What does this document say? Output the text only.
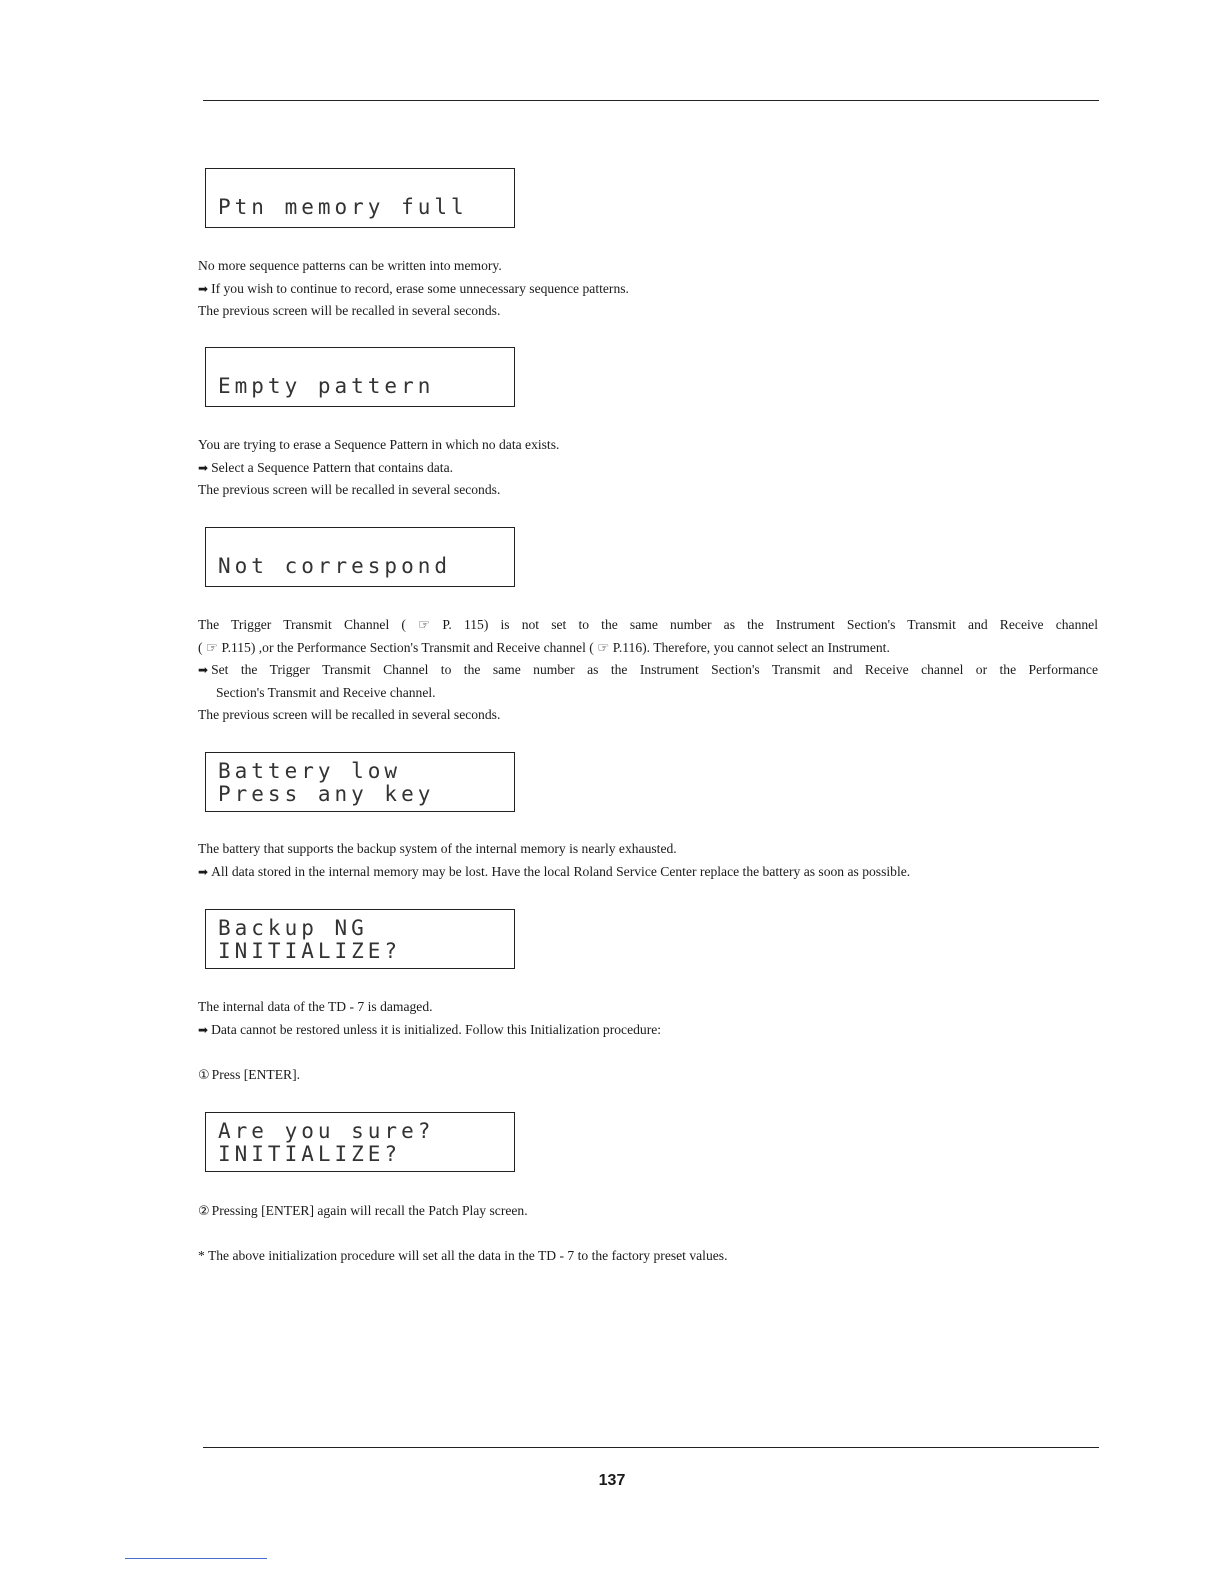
Ptn memory full

No more sequence patterns can be written into memory.

➡ If you wish to continue to record, erase some unnecessary sequence patterns.

The previous screen will be recalled in several seconds.

Empty pattern

You are trying to erase a Sequence Pattern in which no data exists.

➡ Select a Sequence Pattern that contains data.

The previous screen will be recalled in several seconds.

Not correspond

The Trigger Transmit Channel ( ☞ P. 115) is not set to the same number as the Instrument Section's Transmit and Receive channel

( ☞ P.115) ,or the Performance Section's Transmit and Receive channel ( ☞ P.116). Therefore, you cannot select an Instrument.

➡ Set the Trigger Transmit Channel to the same number as the Instrument Section's Transmit and Receive channel or the Performance

Section's Transmit and Receive channel.

The previous screen will be recalled in several seconds.

Battery low
Press any key

The battery that supports the backup system of the internal memory is nearly exhausted.

➡ All data stored in the internal memory may be lost. Have the local Roland Service Center replace the battery as soon as possible.

Backup NG
INITIALIZE?

The internal data of the TD - 7 is damaged.

➡ Data cannot be restored unless it is initialized. Follow this Initialization procedure:

① Press [ENTER].

Are you sure?
INITIALIZE?

② Pressing [ENTER] again will recall the Patch Play screen.

* The above initialization procedure will set all the data in the TD - 7 to the factory preset values.

137
